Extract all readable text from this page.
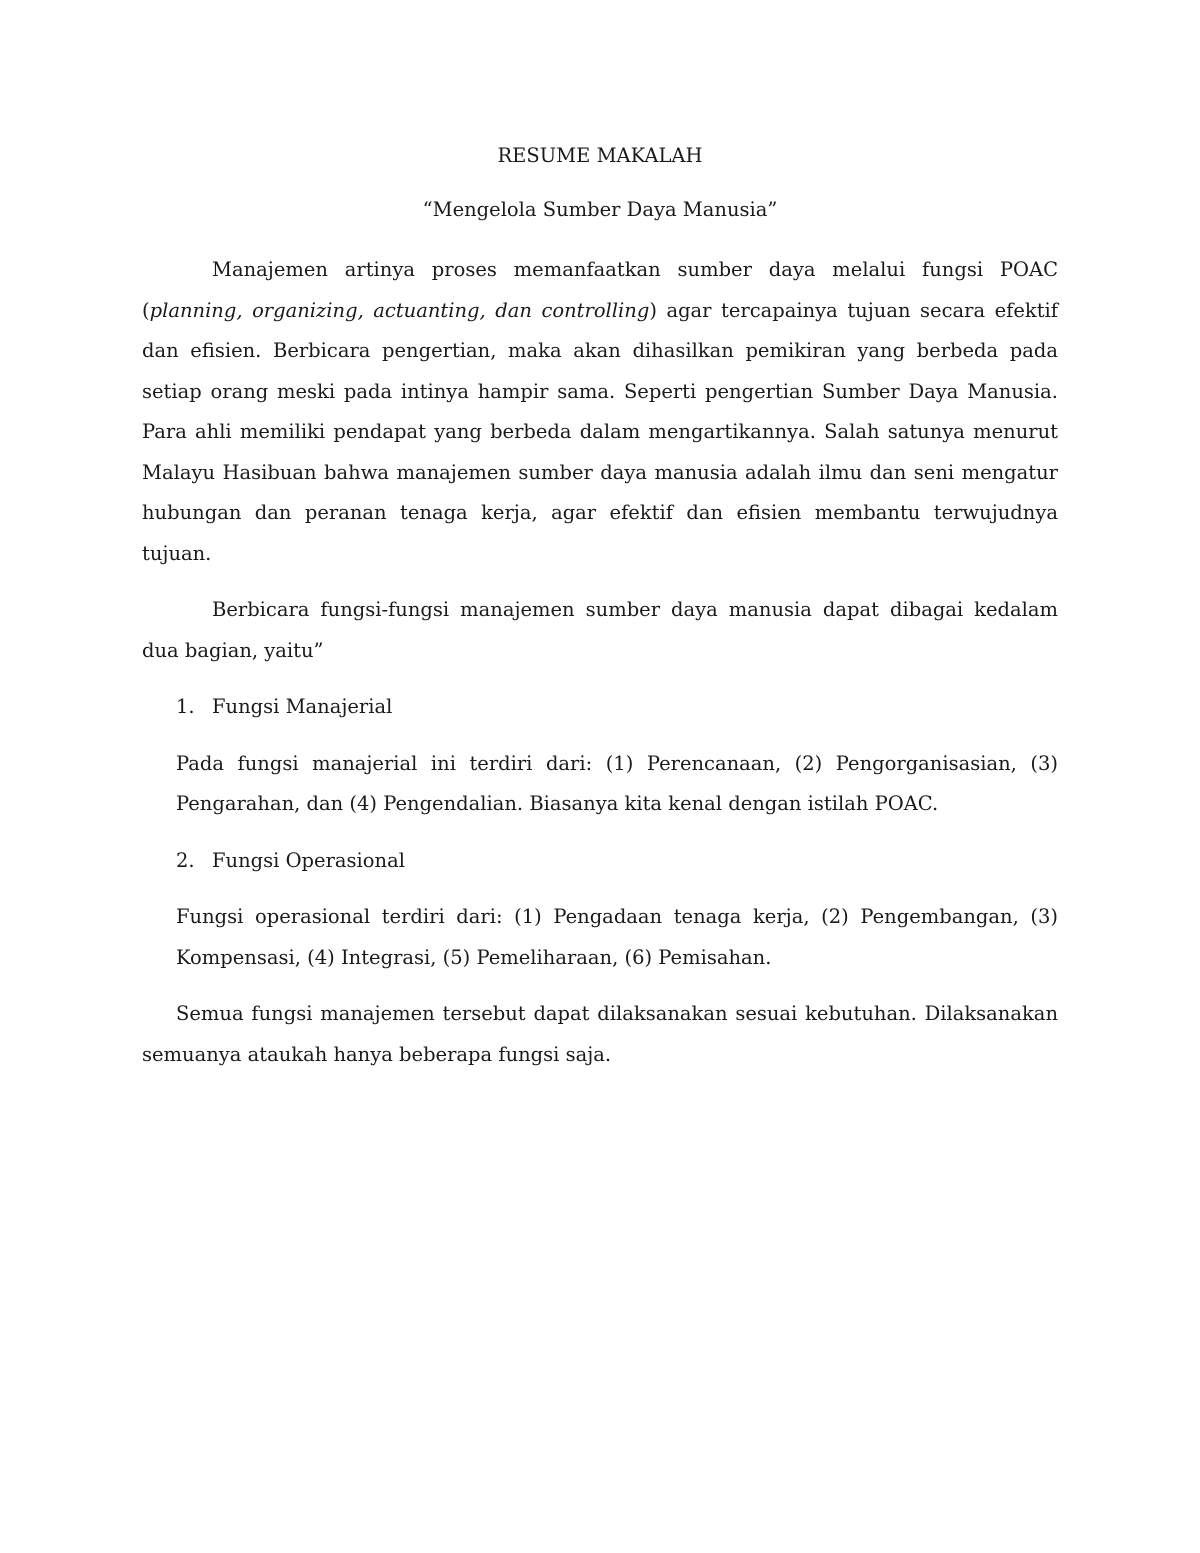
RESUME MAKALAH
“Mengelola Sumber Daya Manusia”

Manajemen artinya proses memanfaatkan sumber daya melalui fungsi POAC (planning, organizing, actuanting, dan controlling) agar tercapainya tujuan secara efektif dan efisien. Berbicara pengertian, maka akan dihasilkan pemikiran yang berbeda pada setiap orang meski pada intinya hampir sama. Seperti pengertian Sumber Daya Manusia. Para ahli memiliki pendapat yang berbeda dalam mengartikannya. Salah satunya menurut Malayu Hasibuan bahwa manajemen sumber daya manusia adalah ilmu dan seni mengatur hubungan dan peranan tenaga kerja, agar efektif dan efisien membantu terwujudnya tujuan.

Berbicara fungsi-fungsi manajemen sumber daya manusia dapat dibagai kedalam dua bagian, yaitu”

1. Fungsi Manajerial

Pada fungsi manajerial ini terdiri dari: (1) Perencanaan, (2) Pengorganisasian, (3) Pengarahan, dan (4) Pengendalian. Biasanya kita kenal dengan istilah POAC.

2. Fungsi Operasional

Fungsi operasional terdiri dari: (1) Pengadaan tenaga kerja, (2) Pengembangan, (3) Kompensasi, (4) Integrasi, (5) Pemeliharaan, (6) Pemisahan.

Semua fungsi manajemen tersebut dapat dilaksanakan sesuai kebutuhan. Dilaksanakan semuanya ataukah hanya beberapa fungsi saja.
